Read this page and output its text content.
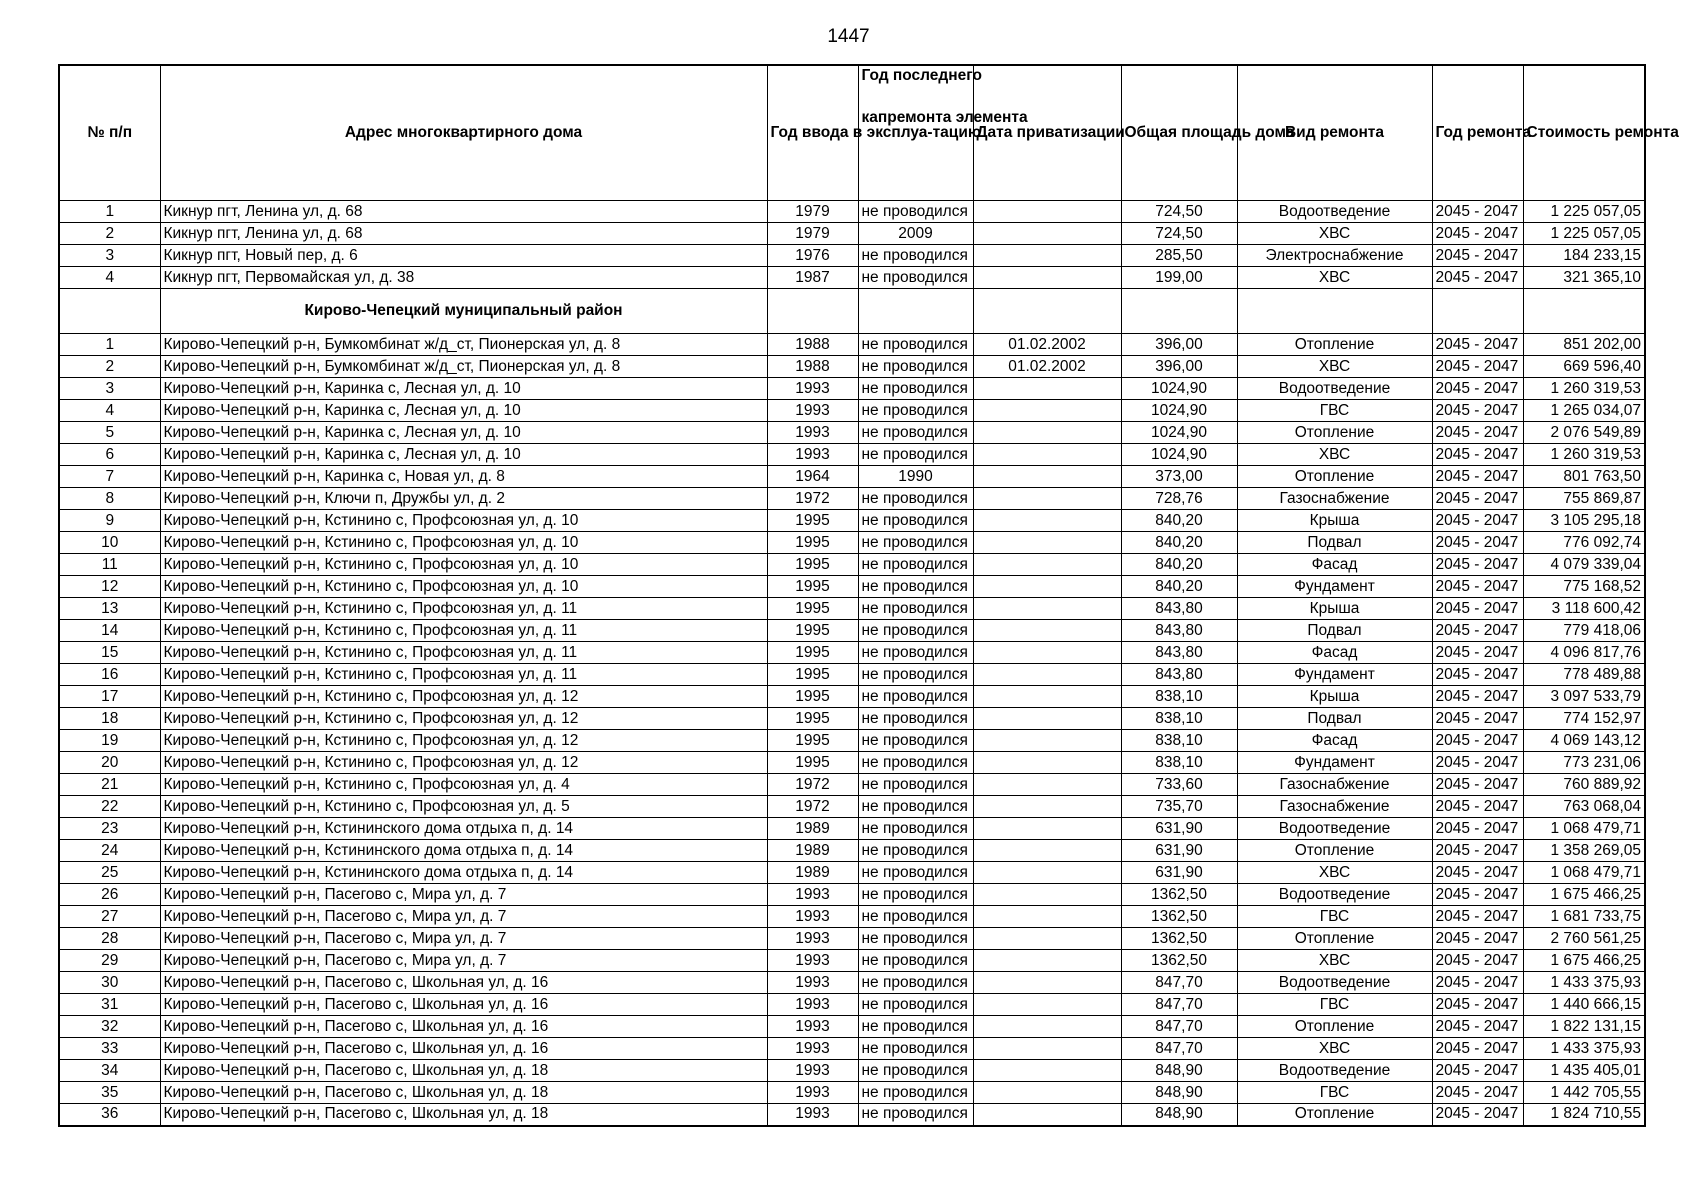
1447
№ п/п	Адрес многоквартирного дома	Год ввода в эксплуа-тацию	Год последнего
капремонта элемента	Дата приватизации	Общая площадь дома	Вид ремонта	Год ремонта	Стоимость ремонта
1	Кикнур пгт, Ленина ул, д. 68	1979	не проводился		724,50	Водоотведение	2045 - 2047	1 225 057,05
2	Кикнур пгт, Ленина ул, д. 68	1979	2009		724,50	ХВС	2045 - 2047	1 225 057,05
3	Кикнур пгт, Новый пер, д. 6	1976	не проводился		285,50	Электроснабжение	2045 - 2047	184 233,15
4	Кикнур пгт, Первомайская ул, д. 38	1987	не проводился		199,00	ХВС	2045 - 2047	321 365,10
	Кирово-Чепецкий муниципальный район							
1	Кирово-Чепецкий р-н, Бумкомбинат ж/д_ст, Пионерская ул, д. 8	1988	не проводился	01.02.2002	396,00	Отопление	2045 - 2047	851 202,00
2	Кирово-Чепецкий р-н, Бумкомбинат ж/д_ст, Пионерская ул, д. 8	1988	не проводился	01.02.2002	396,00	ХВС	2045 - 2047	669 596,40
3	Кирово-Чепецкий р-н, Каринка с, Лесная ул, д. 10	1993	не проводился		1024,90	Водоотведение	2045 - 2047	1 260 319,53
4	Кирово-Чепецкий р-н, Каринка с, Лесная ул, д. 10	1993	не проводился		1024,90	ГВС	2045 - 2047	1 265 034,07
5	Кирово-Чепецкий р-н, Каринка с, Лесная ул, д. 10	1993	не проводился		1024,90	Отопление	2045 - 2047	2 076 549,89
6	Кирово-Чепецкий р-н, Каринка с, Лесная ул, д. 10	1993	не проводился		1024,90	ХВС	2045 - 2047	1 260 319,53
7	Кирово-Чепецкий р-н, Каринка с, Новая ул, д. 8	1964	1990		373,00	Отопление	2045 - 2047	801 763,50
8	Кирово-Чепецкий р-н, Ключи п, Дружбы ул, д. 2	1972	не проводился		728,76	Газоснабжение	2045 - 2047	755 869,87
9	Кирово-Чепецкий р-н, Кстинино с, Профсоюзная ул, д. 10	1995	не проводился		840,20	Крыша	2045 - 2047	3 105 295,18
10	Кирово-Чепецкий р-н, Кстинино с, Профсоюзная ул, д. 10	1995	не проводился		840,20	Подвал	2045 - 2047	776 092,74
11	Кирово-Чепецкий р-н, Кстинино с, Профсоюзная ул, д. 10	1995	не проводился		840,20	Фасад	2045 - 2047	4 079 339,04
12	Кирово-Чепецкий р-н, Кстинино с, Профсоюзная ул, д. 10	1995	не проводился		840,20	Фундамент	2045 - 2047	775 168,52
13	Кирово-Чепецкий р-н, Кстинино с, Профсоюзная ул, д. 11	1995	не проводился		843,80	Крыша	2045 - 2047	3 118 600,42
14	Кирово-Чепецкий р-н, Кстинино с, Профсоюзная ул, д. 11	1995	не проводился		843,80	Подвал	2045 - 2047	779 418,06
15	Кирово-Чепецкий р-н, Кстинино с, Профсоюзная ул, д. 11	1995	не проводился		843,80	Фасад	2045 - 2047	4 096 817,76
16	Кирово-Чепецкий р-н, Кстинино с, Профсоюзная ул, д. 11	1995	не проводился		843,80	Фундамент	2045 - 2047	778 489,88
17	Кирово-Чепецкий р-н, Кстинино с, Профсоюзная ул, д. 12	1995	не проводился		838,10	Крыша	2045 - 2047	3 097 533,79
18	Кирово-Чепецкий р-н, Кстинино с, Профсоюзная ул, д. 12	1995	не проводился		838,10	Подвал	2045 - 2047	774 152,97
19	Кирово-Чепецкий р-н, Кстинино с, Профсоюзная ул, д. 12	1995	не проводился		838,10	Фасад	2045 - 2047	4 069 143,12
20	Кирово-Чепецкий р-н, Кстинино с, Профсоюзная ул, д. 12	1995	не проводился		838,10	Фундамент	2045 - 2047	773 231,06
21	Кирово-Чепецкий р-н, Кстинино с, Профсоюзная ул, д. 4	1972	не проводился		733,60	Газоснабжение	2045 - 2047	760 889,92
22	Кирово-Чепецкий р-н, Кстинино с, Профсоюзная ул, д. 5	1972	не проводился		735,70	Газоснабжение	2045 - 2047	763 068,04
23	Кирово-Чепецкий р-н, Кстининского дома отдыха п, д. 14	1989	не проводился		631,90	Водоотведение	2045 - 2047	1 068 479,71
24	Кирово-Чепецкий р-н, Кстининского дома отдыха п, д. 14	1989	не проводился		631,90	Отопление	2045 - 2047	1 358 269,05
25	Кирово-Чепецкий р-н, Кстининского дома отдыха п, д. 14	1989	не проводился		631,90	ХВС	2045 - 2047	1 068 479,71
26	Кирово-Чепецкий р-н, Пасегово с, Мира ул, д. 7	1993	не проводился		1362,50	Водоотведение	2045 - 2047	1 675 466,25
27	Кирово-Чепецкий р-н, Пасегово с, Мира ул, д. 7	1993	не проводился		1362,50	ГВС	2045 - 2047	1 681 733,75
28	Кирово-Чепецкий р-н, Пасегово с, Мира ул, д. 7	1993	не проводился		1362,50	Отопление	2045 - 2047	2 760 561,25
29	Кирово-Чепецкий р-н, Пасегово с, Мира ул, д. 7	1993	не проводился		1362,50	ХВС	2045 - 2047	1 675 466,25
30	Кирово-Чепецкий р-н, Пасегово с, Школьная ул, д. 16	1993	не проводился		847,70	Водоотведение	2045 - 2047	1 433 375,93
31	Кирово-Чепецкий р-н, Пасегово с, Школьная ул, д. 16	1993	не проводился		847,70	ГВС	2045 - 2047	1 440 666,15
32	Кирово-Чепецкий р-н, Пасегово с, Школьная ул, д. 16	1993	не проводился		847,70	Отопление	2045 - 2047	1 822 131,15
33	Кирово-Чепецкий р-н, Пасегово с, Школьная ул, д. 16	1993	не проводился		847,70	ХВС	2045 - 2047	1 433 375,93
34	Кирово-Чепецкий р-н, Пасегово с, Школьная ул, д. 18	1993	не проводился		848,90	Водоотведение	2045 - 2047	1 435 405,01
35	Кирово-Чепецкий р-н, Пасегово с, Школьная ул, д. 18	1993	не проводился		848,90	ГВС	2045 - 2047	1 442 705,55
36	Кирово-Чепецкий р-н, Пасегово с, Школьная ул, д. 18	1993	не проводился		848,90	Отопление	2045 - 2047	1 824 710,55
